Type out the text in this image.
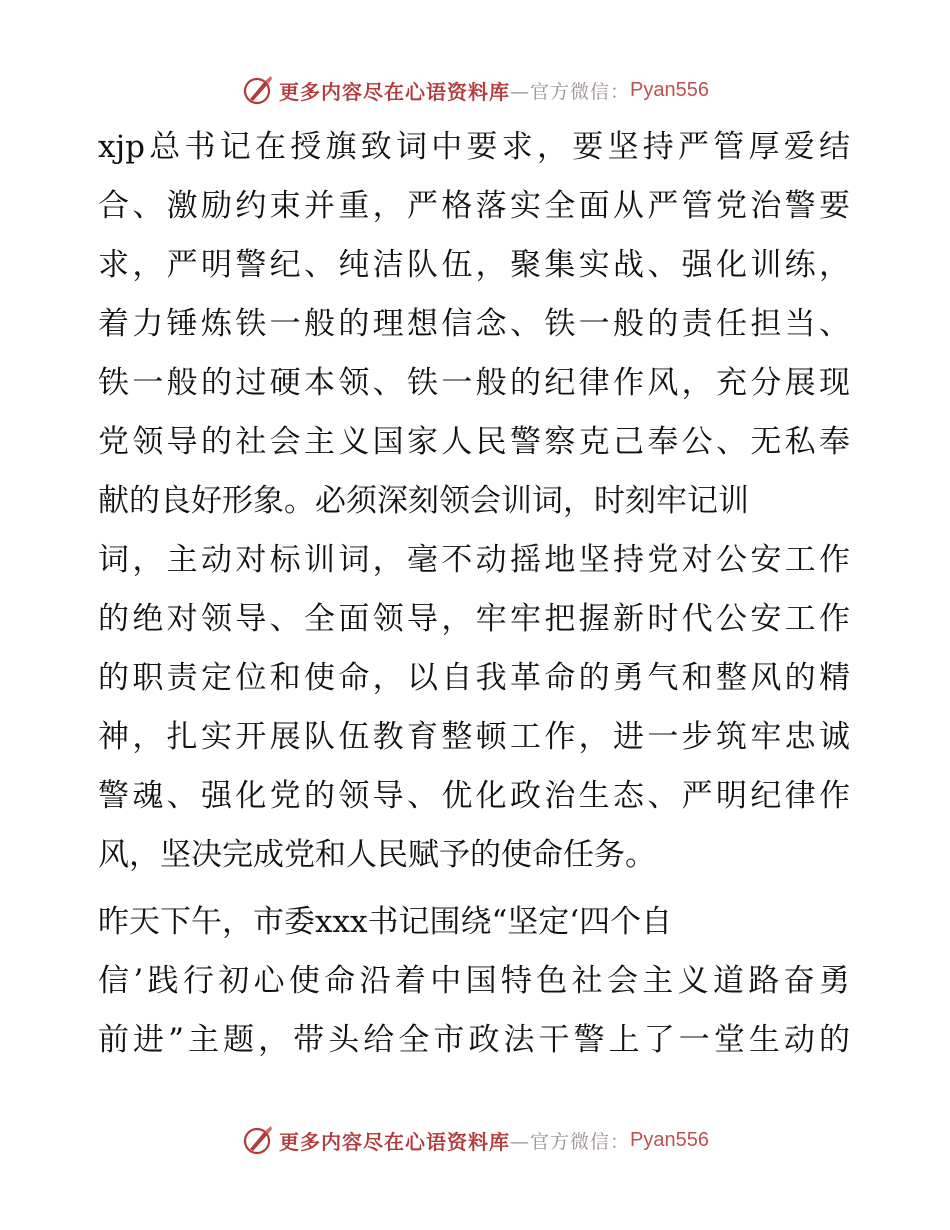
更多内容尽在心语资料库 —官方微信： Pyan556
xjp总书记在授旗致词中要求，要坚持严管厚爱结
合、激励约束并重，严格落实全面从严管党治警要
求，严明警纪、纯洁队伍，聚集实战、强化训练，
着力锤炼铁一般的理想信念、铁一般的责任担当、
铁一般的过硬本领、铁一般的纪律作风，充分展现
党领导的社会主义国家人民警察克己奉公、无私奉
献的良好形象。必须深刻领会训词，时刻牢记训
词，主动对标训词，毫不动摇地坚持党对公安工作
的绝对领导、全面领导，牢牢把握新时代公安工作
的职责定位和使命，以自我革命的勇气和整风的精
神，扎实开展队伍教育整顿工作，进一步筑牢忠诚
警魂、强化党的领导、优化政治生态、严明纪律作
风，坚决完成党和人民赋予的使命任务。
昨天下午，市委xxx书记围绕“坚定‘四个自
信’践行初心使命沿着中国特色社会主义道路奋勇
前进”主题，带头给全市政法干警上了一堂生动的
更多内容尽在心语资料库 —官方微信： Pyan556
